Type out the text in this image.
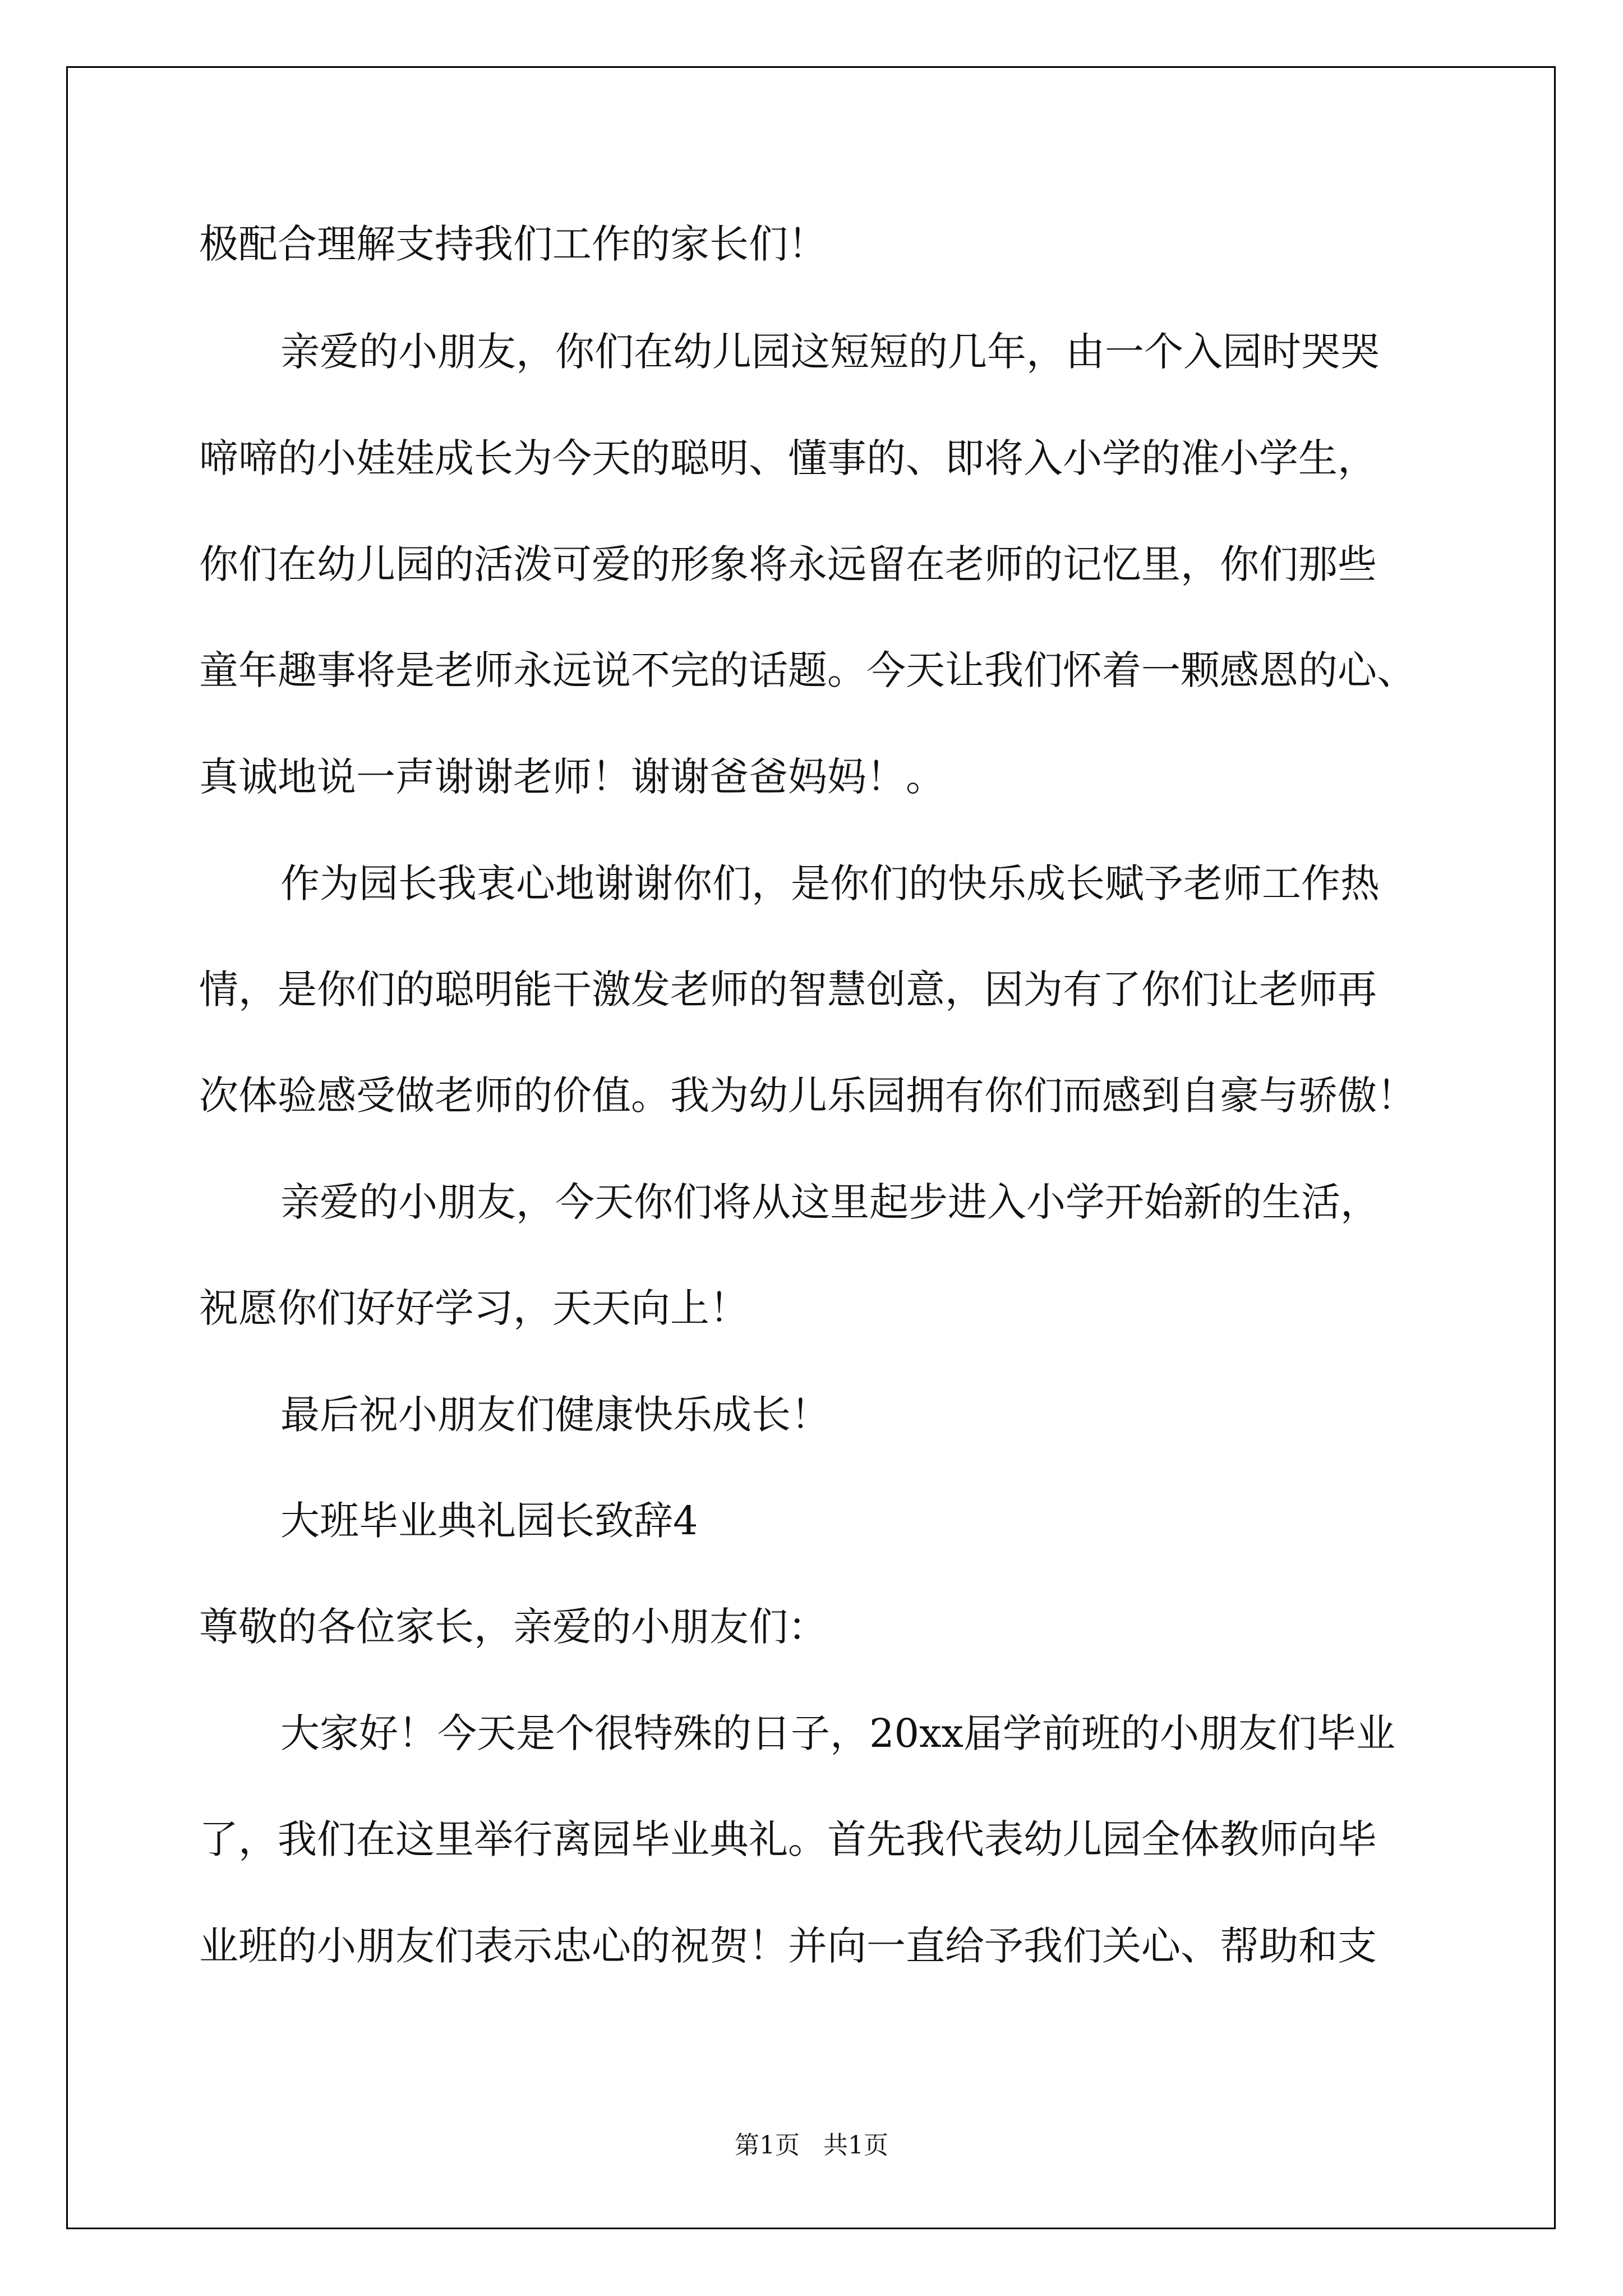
极配合理解支持我们工作的家长们！
亲爱的小朋友，你们在幼儿园这短短的几年，由一个入园时哭哭
啼啼的小娃娃成长为今天的聪明、懂事的、即将入小学的准小学生，
你们在幼儿园的活泼可爱的形象将永远留在老师的记忆里，你们那些
童年趣事将是老师永远说不完的话题。今天让我们怀着一颗感恩的心、
真诚地说一声谢谢老师！谢谢爸爸妈妈！。
作为园长我衷心地谢谢你们，是你们的快乐成长赋予老师工作热
情，是你们的聪明能干激发老师的智慧创意，因为有了你们让老师再
次体验感受做老师的价值。我为幼儿乐园拥有你们而感到自豪与骄傲！
亲爱的小朋友，今天你们将从这里起步进入小学开始新的生活，
祝愿你们好好学习，天天向上！
最后祝小朋友们健康快乐成长！
大班毕业典礼园长致辞4
尊敬的各位家长，亲爱的小朋友们：
大家好！今天是个很特殊的日子，20xx届学前班的小朋友们毕业
了，我们在这里举行离园毕业典礼。首先我代表幼儿园全体教师向毕
业班的小朋友们表示忠心的祝贺！并向一直给予我们关心、帮助和支
第1页   共1页
